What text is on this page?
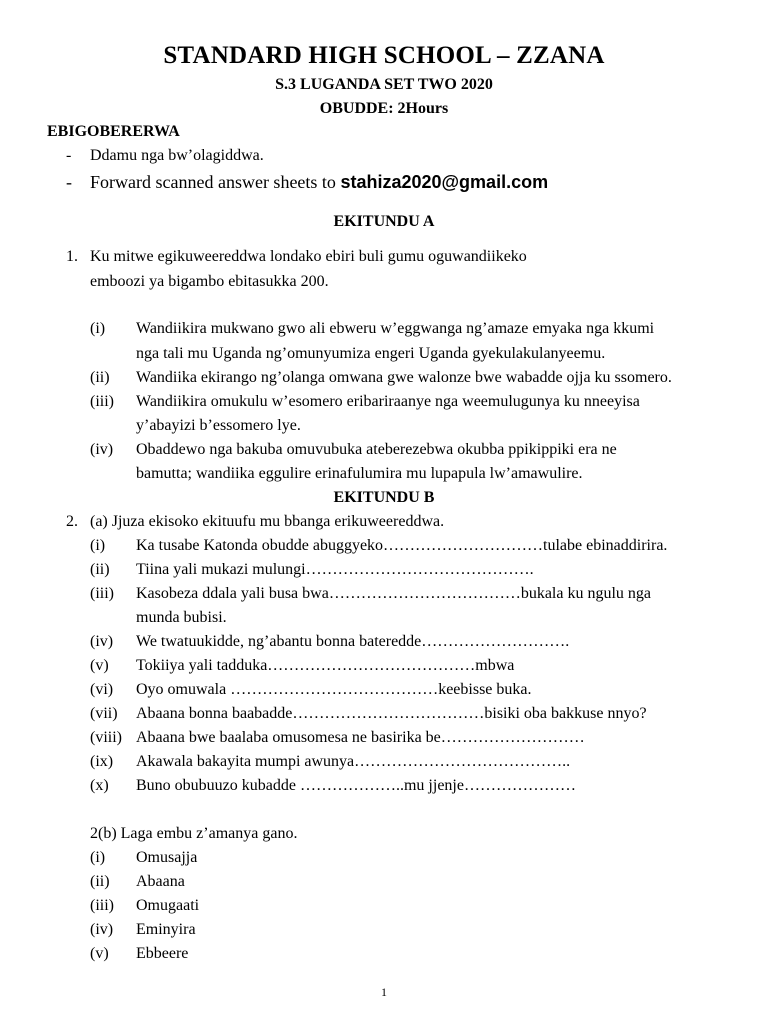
STANDARD HIGH SCHOOL – ZZANA
S.3 LUGANDA SET TWO 2020
OBUDDE: 2Hours
EBIGOBERERWA
- Ddamu nga bw’olagiddwa.
- Forward scanned answer sheets to stahiza2020@gmail.com
EKITUNDU A
1. Ku mitwe egikuweereddwa londako ebiri buli gumu oguwandiikeko
emboozi ya bigambo ebitasukka 200.
(i) Wandiikira mukwano gwo ali ebweru w’eggwanga ng’amaze emyaka nga kkumi
nga tali mu Uganda ng’omunyumiza engeri Uganda gyekulakulanyeemu.
(ii) Wandiika ekirango ng’olanga omwana gwe walonze bwe wabadde ojja ku ssomero.
(iii) Wandiikira omukulu w’esomero eribariraanye nga weemulugunya ku nneeyisa
y’abayizi b’essomero lye.
(iv) Obaddewo nga bakuba omuvubuka ateberezebwa okubba ppikippiki era ne
bamutta; wandiika eggulire erinafulumira mu lupapula lw’amawulire.
EKITUNDU B
2. (a) Jjuza ekisoko ekituufu mu bbanga erikuweereddwa.
(i) Ka tusabe Katonda obudde abuggyeko…………………………tulabe ebinaddirira.
(ii) Tiina yali mukazi mulungi…………………………………….
(iii) Kasobeza ddala yali busa bwa………………………………bukala ku ngulu nga
munda bubisi.
(iv) We twatuukidde, ng’abantu bonna bateredde……………………….
(v) Tokiiya yali tadduka…………………………………mbwa
(vi) Oyo omuwala …………………………………keebisse buka.
(vii) Abaana bonna baabadde………………………………bisiki oba bakkuse nnyo?
(viii) Abaana bwe baalaba omusomesa ne basirika be………………………
(ix) Akawala bakayita mumpi awunya…………………………………..
(x) Buno obubuuzo kubadde ………………..mu jjenje…………………
2(b) Laga embu z’amanya gano.
(i) Omusajja
(ii) Abaana
(iii) Omugaati
(iv) Eminyira
(v) Ebbeere
1
